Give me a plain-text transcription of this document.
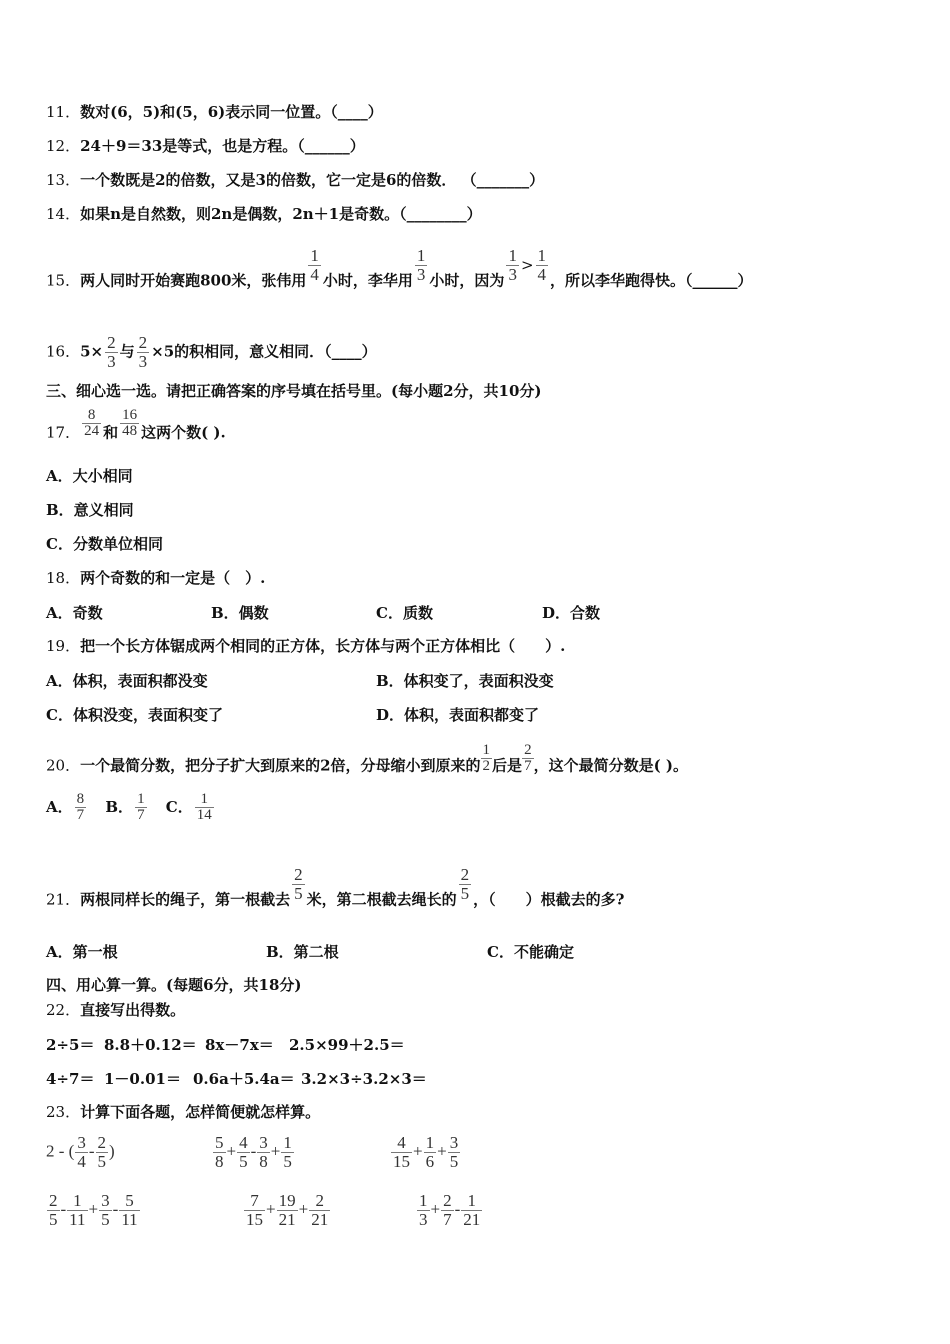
11．数对(6，5)和(5，6)表示同一位置。（____）
12．24＋9＝33是等式，也是方程。（______）
13．一个数既是2的倍数，又是3的倍数，它一定是6的倍数． （_______）
14．如果n是自然数，则2n是偶数，2n＋1是奇数。（________）
15．两人同时开始赛跑800米，张伟用 $\frac{1}{4}$ 小时，李华用 $\frac{1}{3}$ 小时，因为 $\frac{1}{3} > \frac{1}{4}$ ，所以李华跑得快。（______）
16．$5\times \frac{2}{3}$ 与 $\frac{2}{3} \times 5$的积相同，意义相同．（____）
三、细心选一选。请把正确答案的序号填在括号里。(每小题2分，共10分)
17． $\frac{8}{24}$ 和 $\frac{16}{48}$ 这两个数( ).
A．大小相同
B．意义相同
C．分数单位相同
18．两个奇数的和一定是（　）.
A．奇数	B．偶数	C．质数	D．合数
19．把一个长方体锯成两个相同的正方体，长方体与两个正方体相比（　　）.
A．体积，表面积都没变	B．体积变了，表面积没变
C．体积没变，表面积变了	D．体积，表面积都变了
20．一个最简分数，把分子扩大到原来的2倍，分母缩小到原来的 $\frac{1}{2}$ 后是 $\frac{2}{7}$ ，这个最简分数是( )。
A． $\frac{8}{7}$ B． $\frac{1}{7}$ C． $\frac{1}{14}$
21．两根同样长的绳子，第一根截去 $\frac{2}{5}$ 米，第二根截去绳长的 $\frac{2}{5}$ ，（　　）根截去的多?
A．第一根	B．第二根	C．不能确定
四、用心算一算。(每题6分，共18分)
22．直接写出得数。
2÷5＝ 8.8＋0.12＝ 8x－7x＝ 2.5×99＋2.5＝
4÷7＝ 1－0.01＝ 0.6a＋5.4a＝ 3.2×3÷3.2×3＝
23．计算下面各题，怎样简便就怎样算。
2 - ( $\frac{3}{4} - \frac{2}{5}$ )	$\frac{5}{8} + \frac{4}{5} - \frac{3}{8} + \frac{1}{5}$	$\frac{4}{15} + \frac{1}{6} + \frac{3}{5}$
$\frac{2}{5} - \frac{1}{11} + \frac{3}{5} - \frac{5}{11}$	$\frac{7}{15} + \frac{19}{21} + \frac{2}{21}$	$\frac{1}{3} + \frac{2}{7} - \frac{1}{21}$
